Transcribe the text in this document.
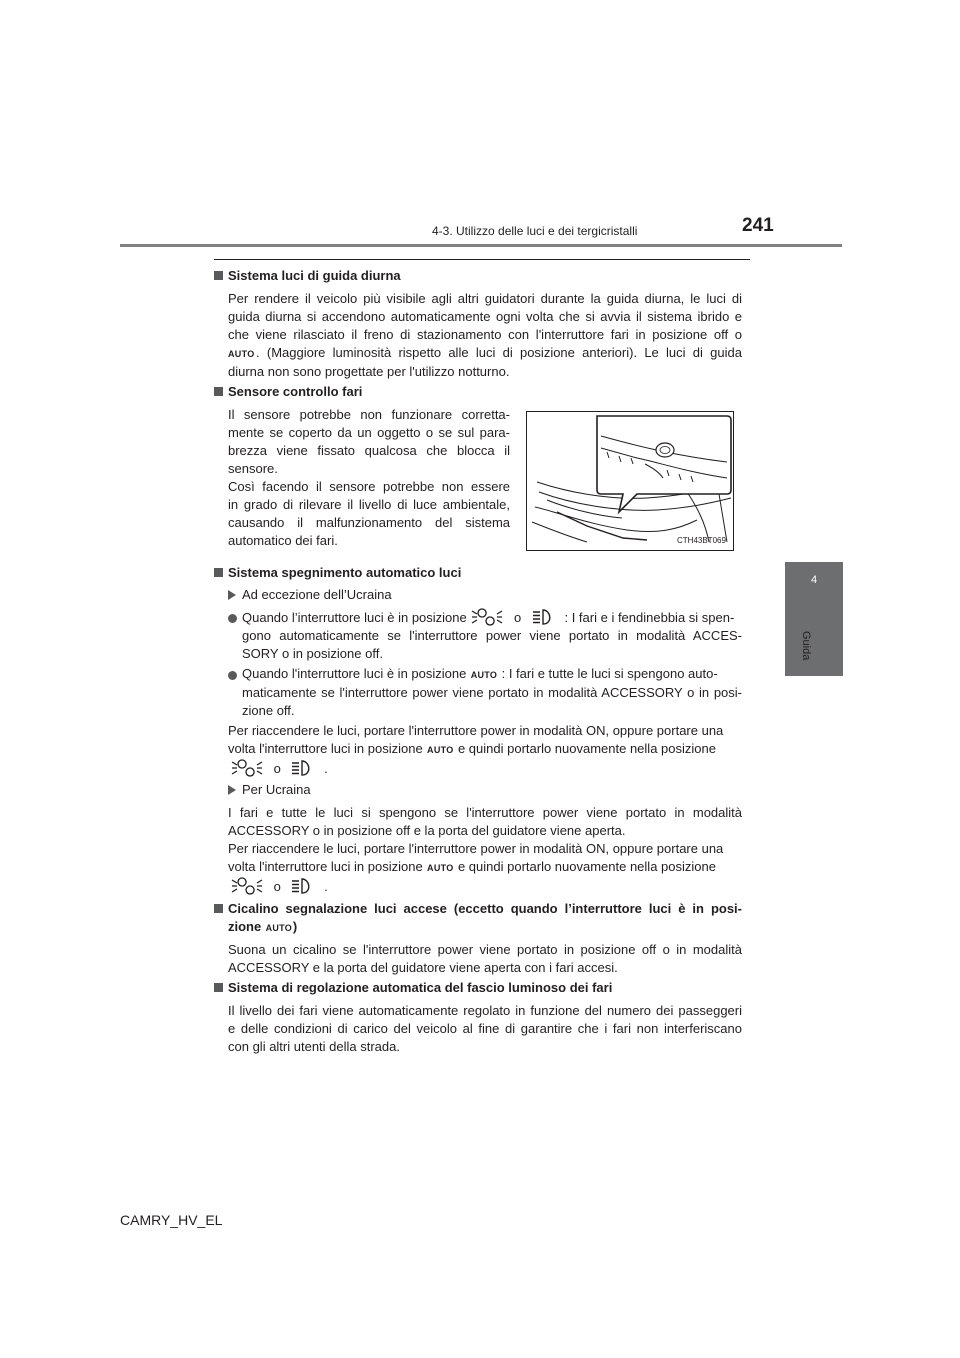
4-3. Utilizzo delle luci e dei tergicristalli	241
4
Guida
Sistema luci di guida diurna
Per rendere il veicolo più visibile agli altri guidatori durante la guida diurna, le luci di
guida diurna si accendono automaticamente ogni volta che si avvia il sistema ibrido e
che viene rilasciato il freno di stazionamento con l'interruttore fari in posizione off o
AUTO. (Maggiore luminosità rispetto alle luci di posizione anteriori). Le luci di guida
diurna non sono progettate per l'utilizzo notturno.
Sensore controllo fari
Il sensore potrebbe non funzionare corretta-
mente se coperto da un oggetto o se sul para-
brezza viene fissato qualcosa che blocca il
sensore.
Così facendo il sensore potrebbe non essere
in grado di rilevare il livello di luce ambientale,
causando il malfunzionamento del sistema
automatico dei fari.	CTH43BT069
Sistema spegnimento automatico luci
Ad eccezione dell’Ucraina
Quando l’interruttore luci è in posizione	o	: I fari e i fendinebbia si spen-
gono automaticamente se l'interruttore power viene portato in modalità ACCES-
SORY o in posizione off.
Quando l'interruttore luci è in posizione AUTO : I fari e tutte le luci si spengono auto-
maticamente se l'interruttore power viene portato in modalità ACCESSORY o in posi-
zione off.
Per riaccendere le luci, portare l'interruttore power in modalità ON, oppure portare una
volta l'interruttore luci in posizione AUTO e quindi portarlo nuovamente nella posizione
o	.
Per Ucraina
I fari e tutte le luci si spengono se l'interruttore power viene portato in modalità
ACCESSORY o in posizione off e la porta del guidatore viene aperta.
Per riaccendere le luci, portare l'interruttore power in modalità ON, oppure portare una
volta l'interruttore luci in posizione AUTO e quindi portarlo nuovamente nella posizione
o	.
Cicalino segnalazione luci accese (eccetto quando l’interruttore luci è in posi-
zione AUTO)
Suona un cicalino se l'interruttore power viene portato in posizione off o in modalità
ACCESSORY e la porta del guidatore viene aperta con i fari accesi.
Sistema di regolazione automatica del fascio luminoso dei fari
Il livello dei fari viene automaticamente regolato in funzione del numero dei passeggeri
e delle condizioni di carico del veicolo al fine di garantire che i fari non interferiscano
con gli altri utenti della strada.
CAMRY_HV_EL
